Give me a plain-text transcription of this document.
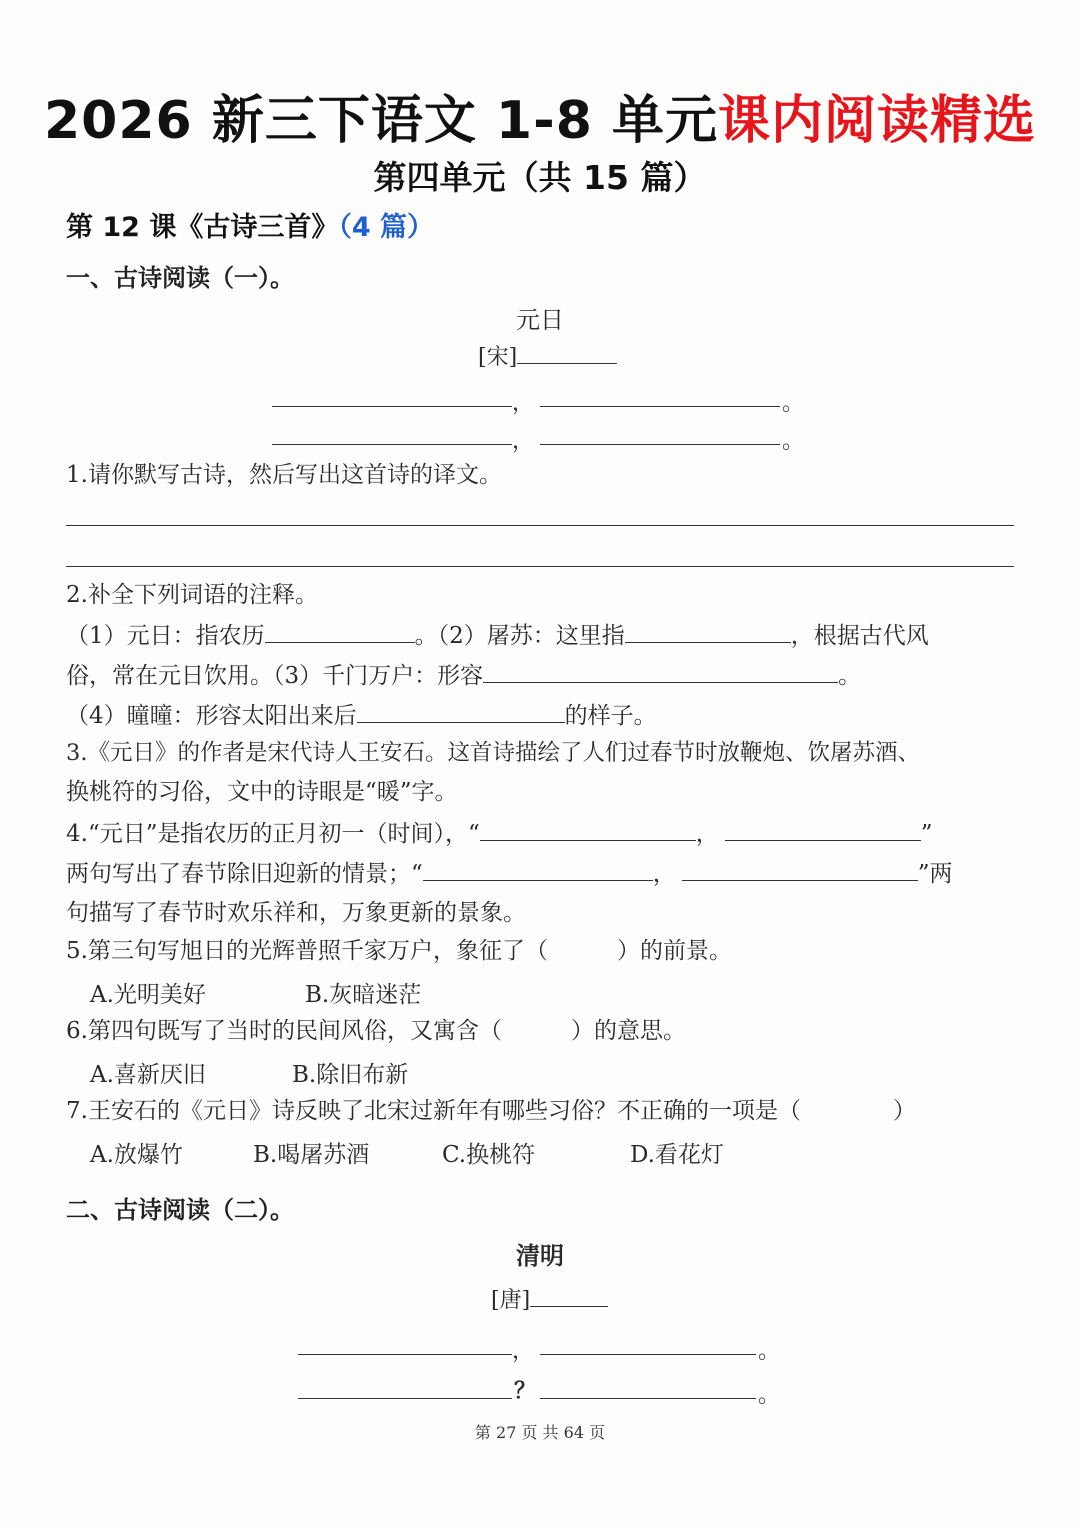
2026 新三下语文 1-8 单元课内阅读精选
第四单元（共 15 篇）
第 12 课《古诗三首》（4 篇）
一、古诗阅读（一）。
元日
[宋]
，	。
，	。
1.请你默写古诗，然后写出这首诗的译文。
2.补全下列词语的注释。
（1）元日：指农历	。（2）屠苏：这里指	，根据古代风
俗，常在元日饮用。（3）千门万户：形容	。
（4）曈曈：形容太阳出来后	的样子。
3.《元日》的作者是宋代诗人王安石。这首诗描绘了人们过春节时放鞭炮、饮屠苏酒、
换桃符的习俗，文中的诗眼是“暖”字。
4.“元日”是指农历的正月初一（时间），“	，	”
两句写出了春节除旧迎新的情景；“	，	”两
句描写了春节时欢乐祥和，万象更新的景象。
5.第三句写旭日的光辉普照千家万户，象征了（　　　）的前景。
A.光明美好	B.灰暗迷茫
6.第四句既写了当时的民间风俗，又寓含（　　　）的意思。
A.喜新厌旧	B.除旧布新
7.王安石的《元日》诗反映了北宋过新年有哪些习俗？不正确的一项是（　　　　）
A.放爆竹	B.喝屠苏酒	C.换桃符	D.看花灯
二、古诗阅读（二）。
清明
[唐]
，	。
？	。
第 27 页 共 64 页
